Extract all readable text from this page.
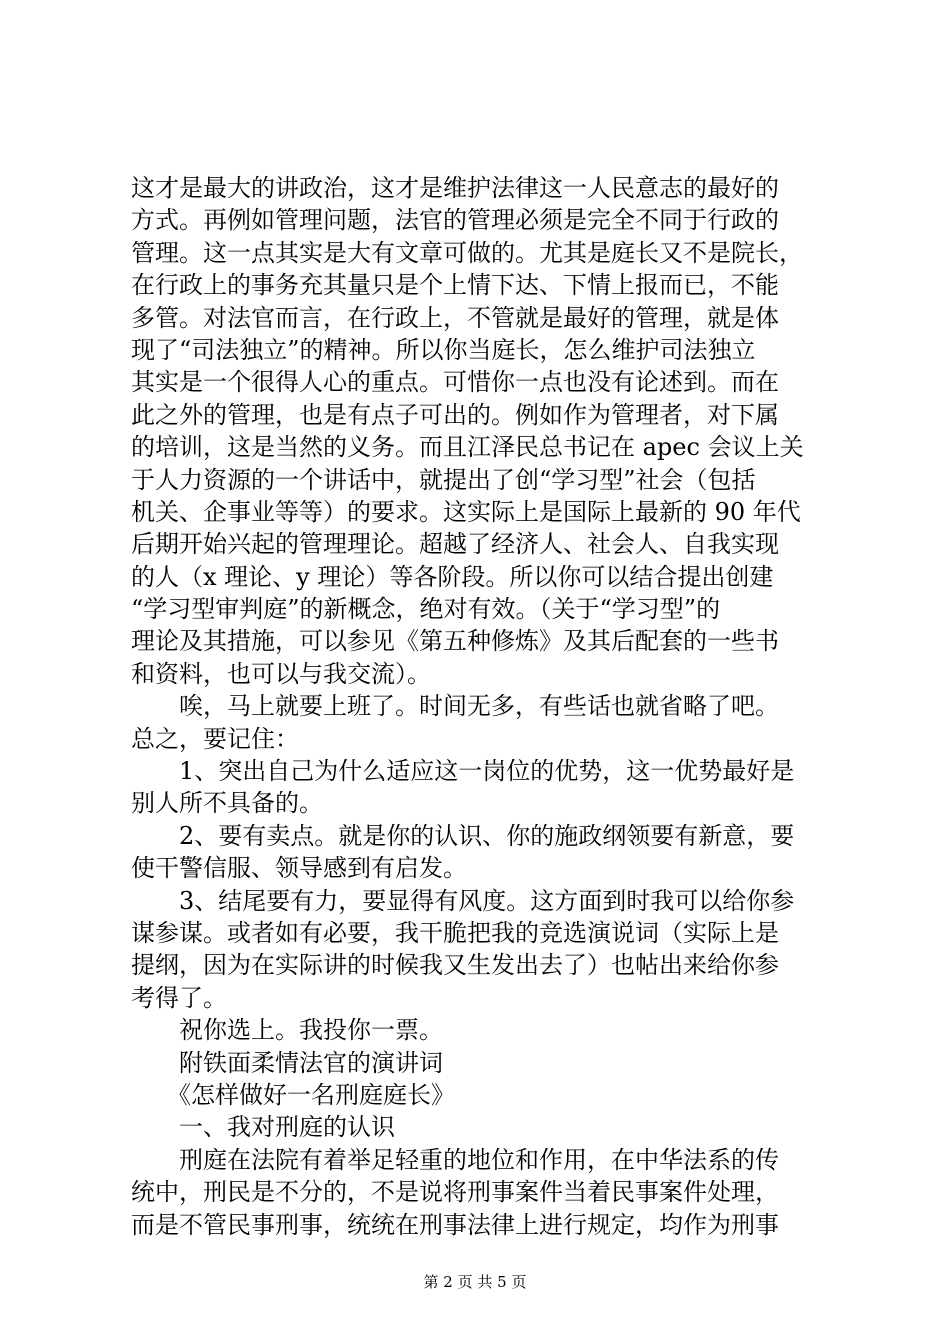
这才是最大的讲政治，这才是维护法律这一人民意志的最好的
方式。再例如管理问题，法官的管理必须是完全不同于行政的
管理。这一点其实是大有文章可做的。尤其是庭长又不是院长，
在行政上的事务充其量只是个上情下达、下情上报而已，不能
多管。对法官而言，在行政上，不管就是最好的管理，就是体
现了“司法独立”的精神。所以你当庭长，怎么维护司法独立
其实是一个很得人心的重点。可惜你一点也没有论述到。而在
此之外的管理，也是有点子可出的。例如作为管理者，对下属
的培训，这是当然的义务。而且江泽民总书记在 apec 会议上关
于人力资源的一个讲话中，就提出了创“学习型”社会（包括
机关、企事业等等）的要求。这实际上是国际上最新的 90 年代
后期开始兴起的管理理论。超越了经济人、社会人、自我实现
的人（x 理论、y 理论）等各阶段。所以你可以结合提出创建
“学习型审判庭”的新概念，绝对有效。（关于“学习型”的
理论及其措施，可以参见《第五种修炼》及其后配套的一些书
和资料，也可以与我交流）。
　　唉，马上就要上班了。时间无多，有些话也就省略了吧。
总之，要记住：
　　1、突出自己为什么适应这一岗位的优势，这一优势最好是
别人所不具备的。
　　2、要有卖点。就是你的认识、你的施政纲领要有新意，要
使干警信服、领导感到有启发。
　　3、结尾要有力，要显得有风度。这方面到时我可以给你参
谋参谋。或者如有必要，我干脆把我的竞选演说词（实际上是
提纲，因为在实际讲的时候我又生发出去了）也帖出来给你参
考得了。
　　祝你选上。我投你一票。
　　附铁面柔情法官的演讲词
　　《怎样做好一名刑庭庭长》
　　一、我对刑庭的认识
　　刑庭在法院有着举足轻重的地位和作用，在中华法系的传
统中，刑民是不分的，不是说将刑事案件当着民事案件处理，
而是不管民事刑事，统统在刑事法律上进行规定，均作为刑事
第 2 页 共 5 页
